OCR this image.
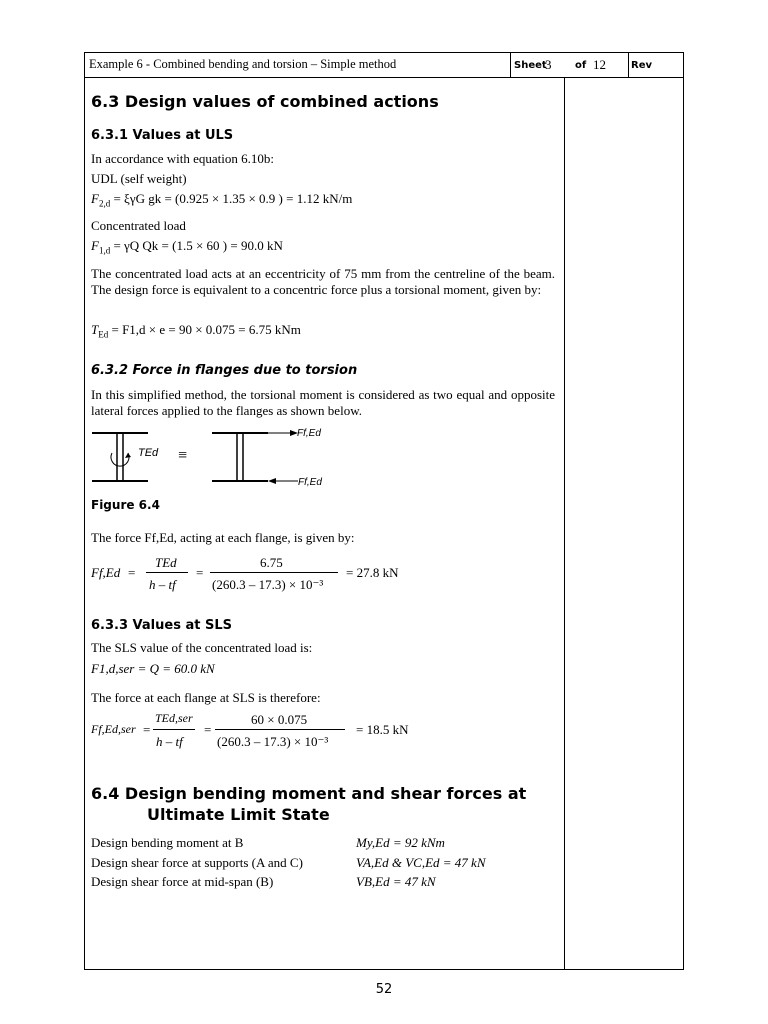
Example 6 - Combined bending and torsion – Simple method	Sheet
3 of 12	Rev
6.3 Design values of combined actions
6.3.1 Values at ULS
In accordance with equation 6.10b:
UDL (self weight)
$F_{2,d} = \xi\gamma G$ gk = (0.925 × 1.35 × 0.9 ) = 1.12 kN/m
Concentrated load
$F_{1,d} = \gamma Q$ Qk = (1.5 × 60 ) = 90.0 kN
The concentrated load acts at an eccentricity of 75 mm from the centreline of the beam. The design force is equivalent to a concentric force plus a torsional moment, given by:
$T_{Ed} = F1,d \times e = 90 \times 0.075 = 6.75$ kNm
6.3.2 Force in flanges due to torsion
In this simplified method, the torsional moment is considered as two equal and opposite lateral forces applied to the flanges as shown below.
TEd ≡
Ff,Ed
Ff,Ed
Figure 6.4
The force Ff,Ed, acting at each flange, is given by:
Ff,Ed =
TEd
h – tf
=
6.75
(260.3 – 17.3) × 10⁻³
= 27.8 kN
6.3.3 Values at SLS
The SLS value of the concentrated load is:
F1,d,ser = Q = 60.0 kN
The force at each flange at SLS is therefore:
Ff,Ed,ser =
TEd,ser
h – tf
=
60 × 0.075
(260.3 – 17.3) × 10⁻³
= 18.5 kN
6.4 Design bending moment and shear forces at
Ultimate Limit State
Design bending moment at B	My,Ed = 92 kNm
Design shear force at supports (A and C)	VA,Ed & VC,Ed = 47 kN
Design shear force at mid-span (B)	VB,Ed = 47 kN
52
